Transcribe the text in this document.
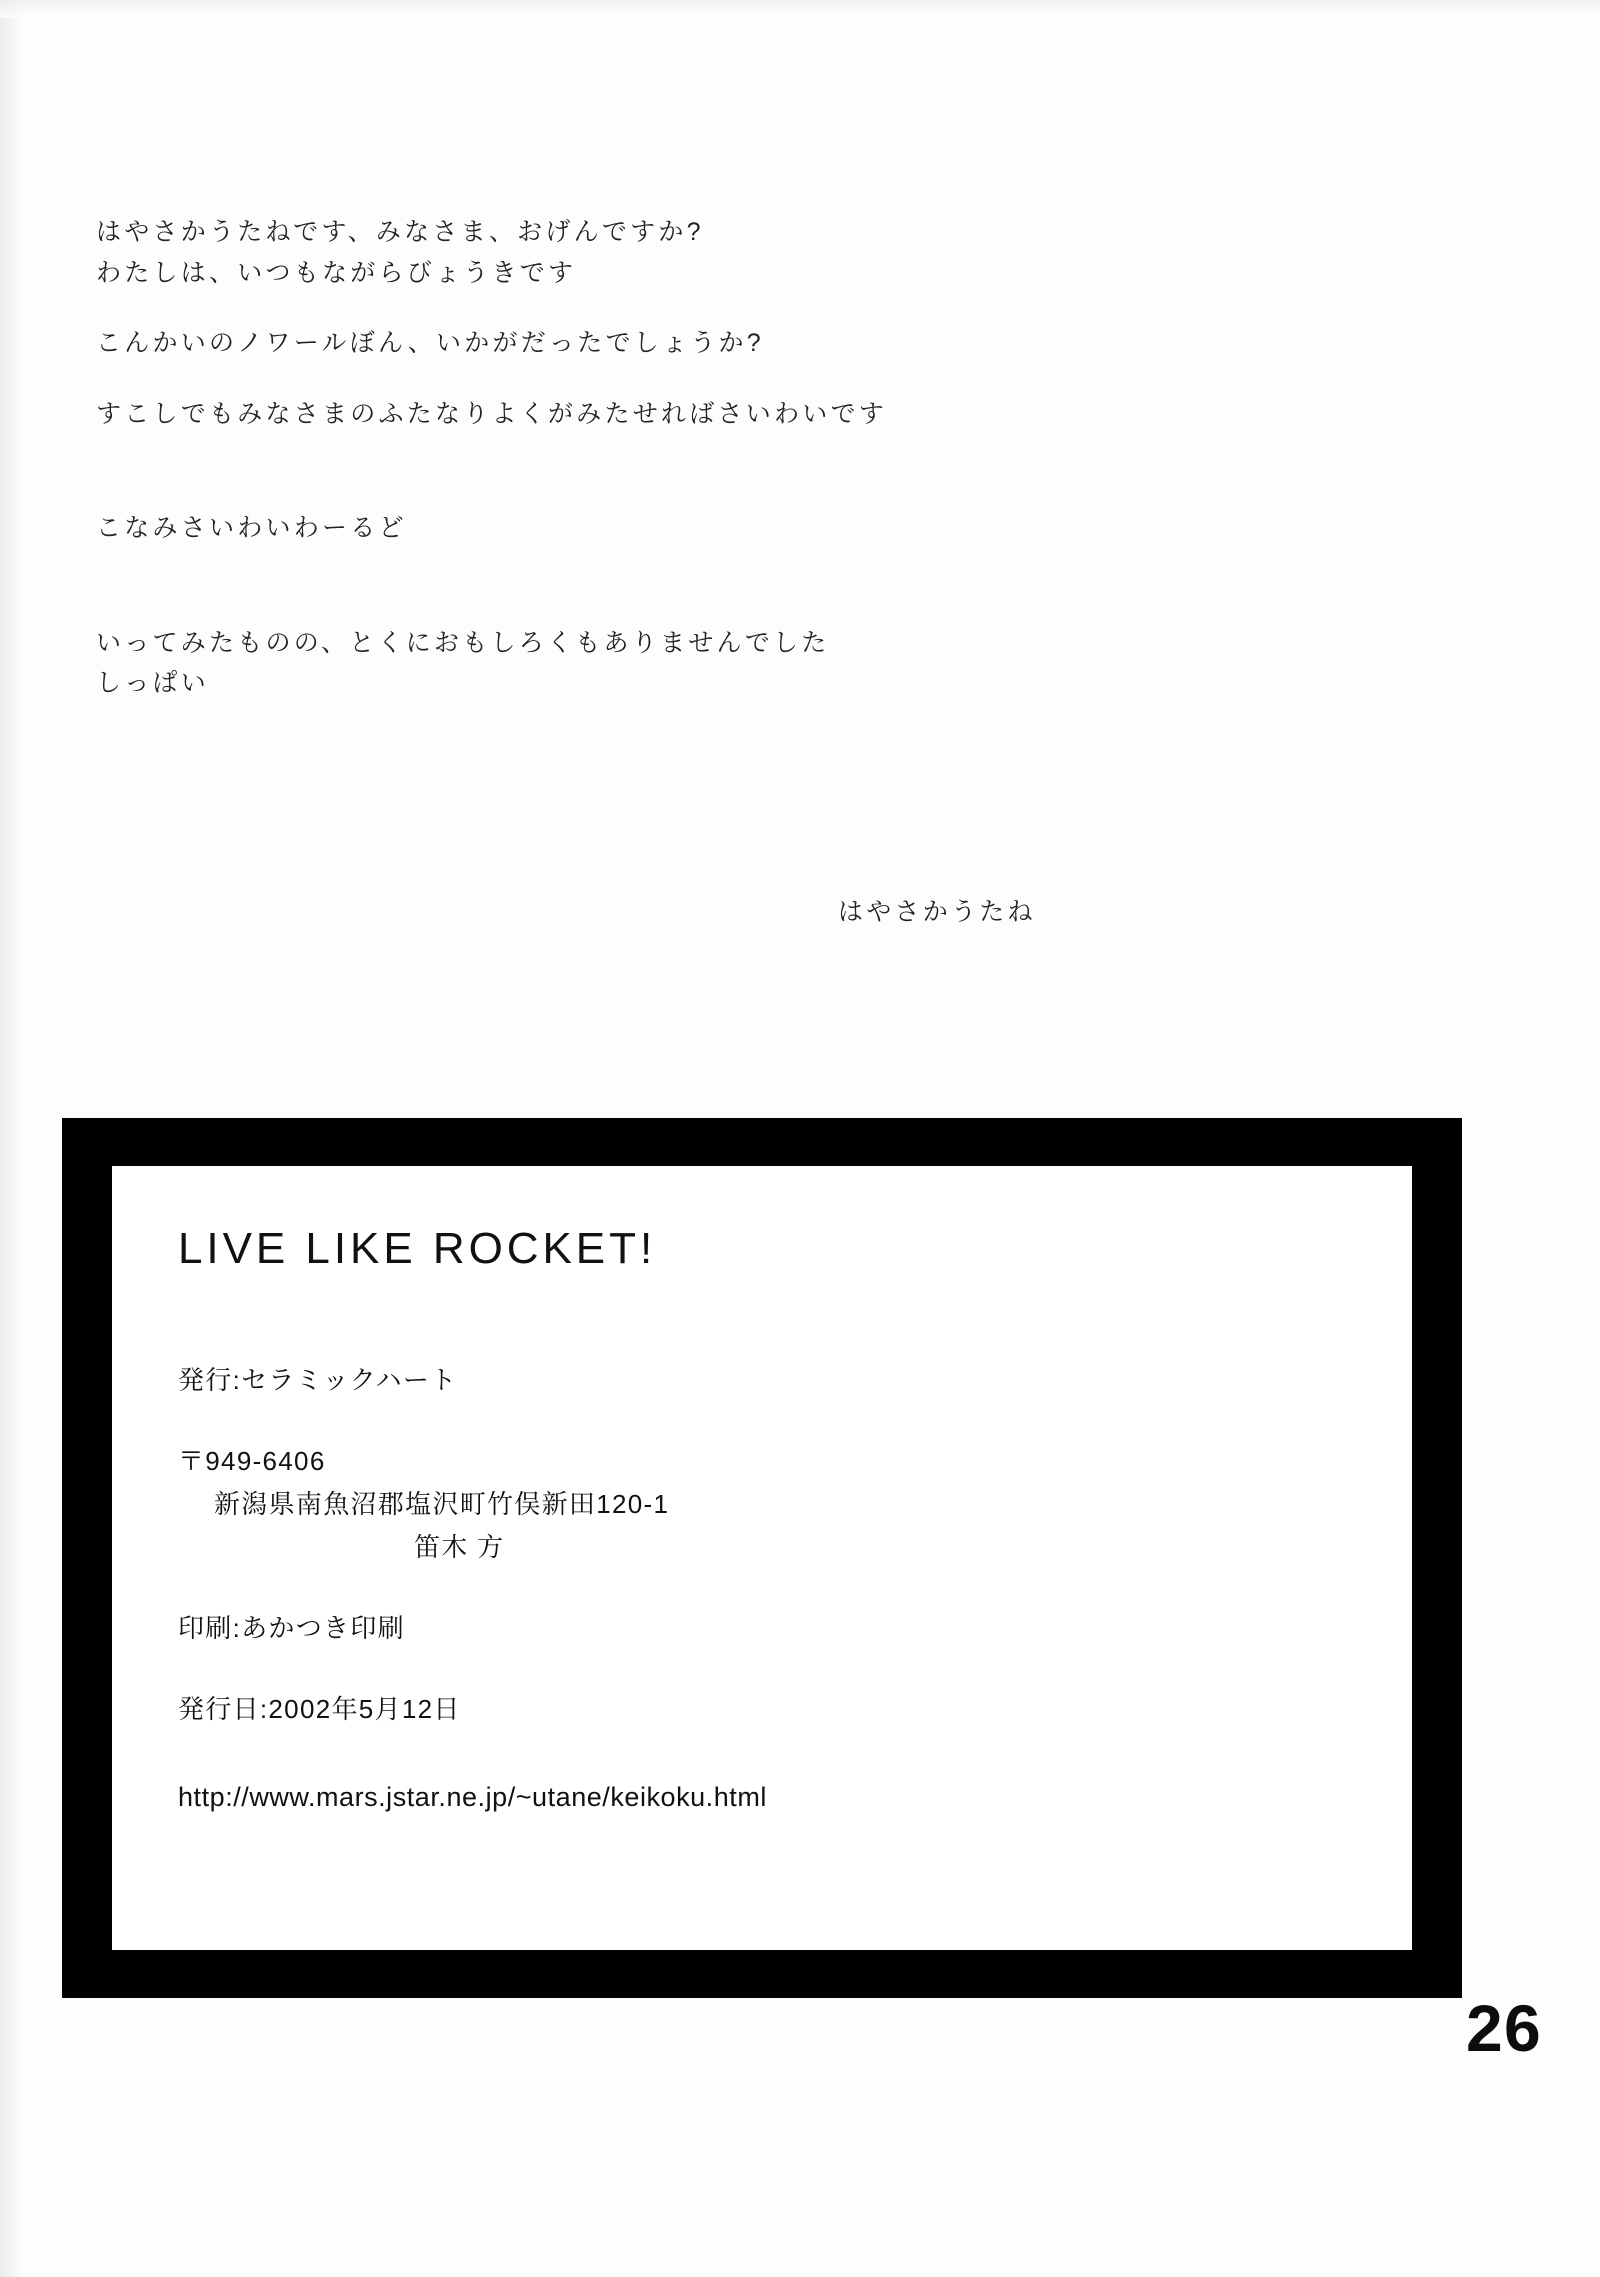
はやさかうたねです、みなさま、おげんですか?
わたしは、いつもながらびょうきです
こんかいのノワールぼん、いかがだったでしょうか?
すこしでもみなさまのふたなりよくがみたせればさいわいです
こなみさいわいわーるど
いってみたものの、とくにおもしろくもありませんでした
しっぱい
はやさかうたね
LIVE LIKE ROCKET!

発行:セラミックハート

〒949-6406

新潟県南魚沼郡塩沢町竹俣新田120-1

笛木 方

印刷:あかつき印刷

発行日:2002年5月12日

http://www.mars.jstar.ne.jp/~utane/keikoku.html

26
